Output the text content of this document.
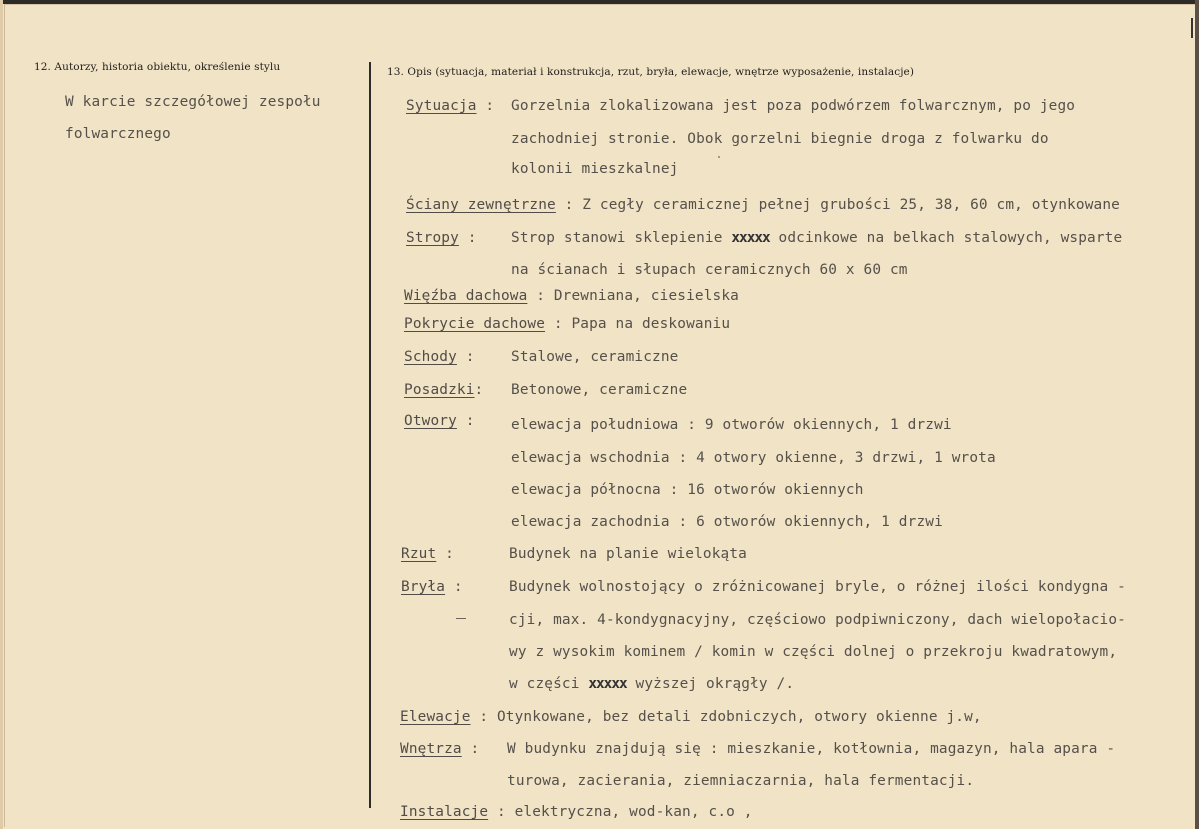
12. Autorzy, historia obiektu, określenie stylu
W karcie szczegółowej zespołu
folwarcznego
13. Opis (sytuacja, materiał i konstrukcja, rzut, bryła, elewacje, wnętrze wyposażenie, instalacje)
Sytuacja : Gorzelnia zlokalizowana jest poza podwórzem folwarcznym, po jego
zachodniej stronie. Obok gorzelni biegnie droga z folwarku do
kolonii mieszkalnej
Ściany zewnętrzne : Z cegły ceramicznej pełnej grubości 25, 38, 60 cm, otynkowane
Stropy : Strop stanowi sklepienie xxxxx odcinkowe na belkach stalowych, wsparte
na ścianach i słupach ceramicznych 60 x 60 cm
Więźba dachowa : Drewniana, ciesielska
Pokrycie dachowe : Papa na deskowaniu
Schody :	Stalowe, ceramiczne
Posadzki: Betonowe, ceramiczne
Otwory :	elewacja południowa : 9 otworów okiennych, 1 drzwi
elewacja wschodnia : 4 otwory okienne, 3 drzwi, 1 wrota
elewacja północna : 16 otworów okiennych
elewacja zachodnia : 6 otworów okiennych, 1 drzwi
Rzut :	Budynek na planie wielokąta
Bryła :	Budynek wolnostojący o zróżnicowanej bryle, o różnej ilości kondygna -
cji, max. 4-kondygnacyjny, częściowo podpiwniczony, dach wielopołacio-
wy z wysokim kominem / komin w części dolnej o przekroju kwadratowym,
w części xxxxx wyższej okrągły /.
Elewacje : Otynkowane, bez detali zdobniczych, otwory okienne j.w,
Wnętrza : W budynku znajdują się : mieszkanie, kotłownia, magazyn, hala apara -
turowa, zacierania, ziemniaczarnia, hala fermentacji.
Instalacje : elektryczna, wod-kan, c.o ,
